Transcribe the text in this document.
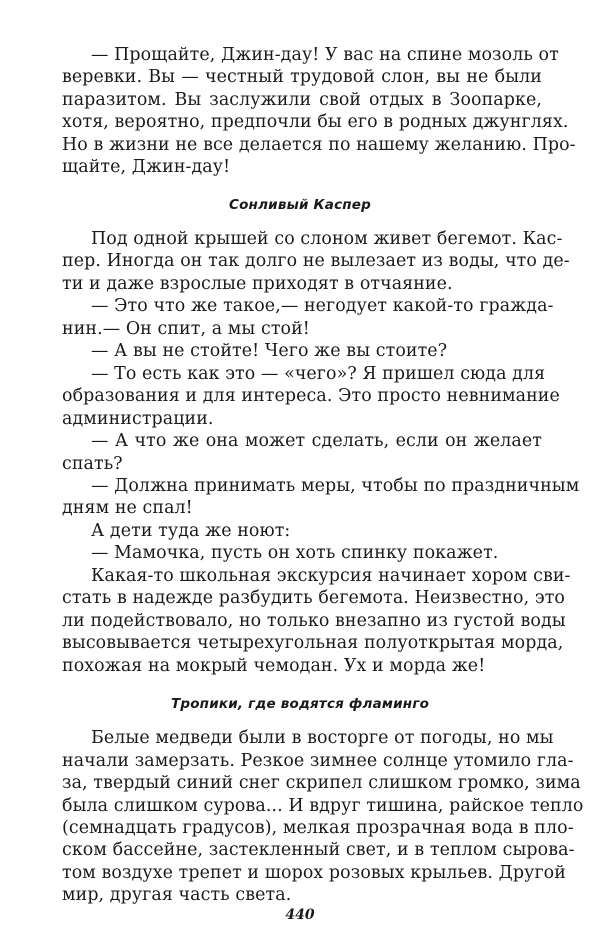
— Прощайте, Джин-дау! У вас на спине мозоль от
веревки. Вы — честный трудовой слон, вы не были
паразитом. Вы заслужили свой отдых в Зоопарке,
хотя, вероятно, предпочли бы его в родных джунглях.
Но в жизни не все делается по нашему желанию. Про-
щайте, Джин-дау!
Сонливый Каспер
Под одной крышей со слоном живет бегемот. Кас-
пер. Иногда он так долго не вылезает из воды, что де-
ти и даже взрослые приходят в отчаяние.
— Это что же такое,— негодует какой-то гражда-
нин.— Он спит, а мы стой!
— А вы не стойте! Чего же вы стоите?
— То есть как это — «чего»? Я пришел сюда для
образования и для интереса. Это просто невнимание
администрации.
— А что же она может сделать, если он желает
спать?
— Должна принимать меры, чтобы по праздничным
дням не спал!
А дети туда же ноют:
— Мамочка, пусть он хоть спинку покажет.
Какая-то школьная экскурсия начинает хором сви-
стать в надежде разбудить бегемота. Неизвестно, это
ли подействовало, но только внезапно из густой воды
высовывается четырехугольная полуоткрытая морда,
похожая на мокрый чемодан. Ух и морда же!
Тропики, где водятся фламинго
Белые медведи были в восторге от погоды, но мы
начали замерзать. Резкое зимнее солнце утомило гла-
за, твердый синий снег скрипел слишком громко, зима
была слишком сурова... И вдруг тишина, райское тепло
(семнадцать градусов), мелкая прозрачная вода в пло-
ском бассейне, застекленный свет, и в теплом сырова-
том воздухе трепет и шорох розовых крыльев. Другой
мир, другая часть света.
440
